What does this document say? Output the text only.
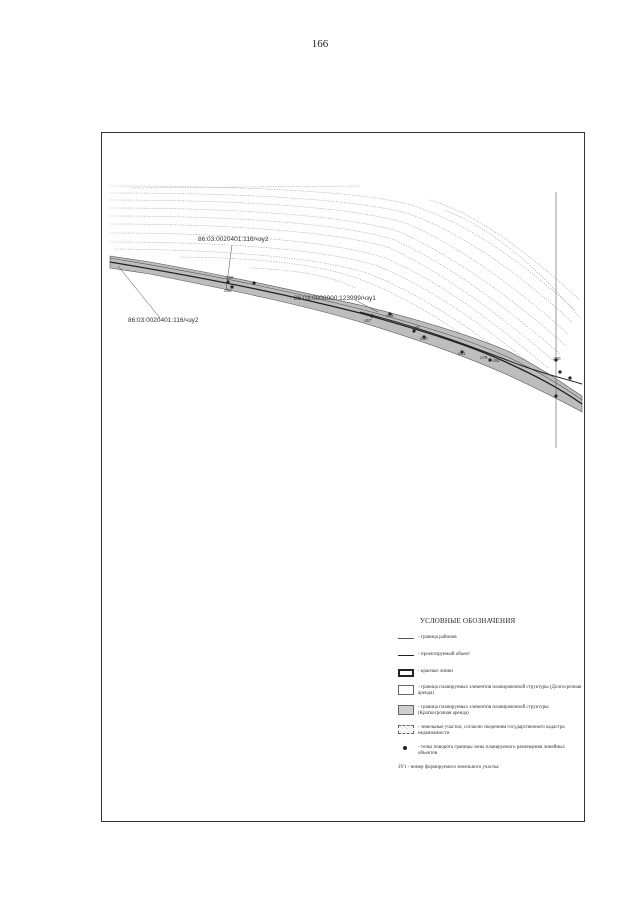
166
86:03:0020401:116/чзу2
86:03:0020401:116/чзу2
86:03:0000000:123999/чзу1
о56
о56
о55
о57
о49
о50
о51
о78
о55	о80
УСЛОВНЫЕ ОБОЗНАЧЕНИЯ
- граница районов
- проектируемый объект
- красные линии
- граница планируемых элементов планировочной структуры (Долгосрочная аренда)
- граница планируемых элементов планировочной структуры (Краткосрочная аренда)
- земельные участки, согласно сведениям государственного кадастра недвижимости
- точка поворота границы зоны планируемого размещения линейных объектов
ЗУ1 - номер формируемого земельного участка
